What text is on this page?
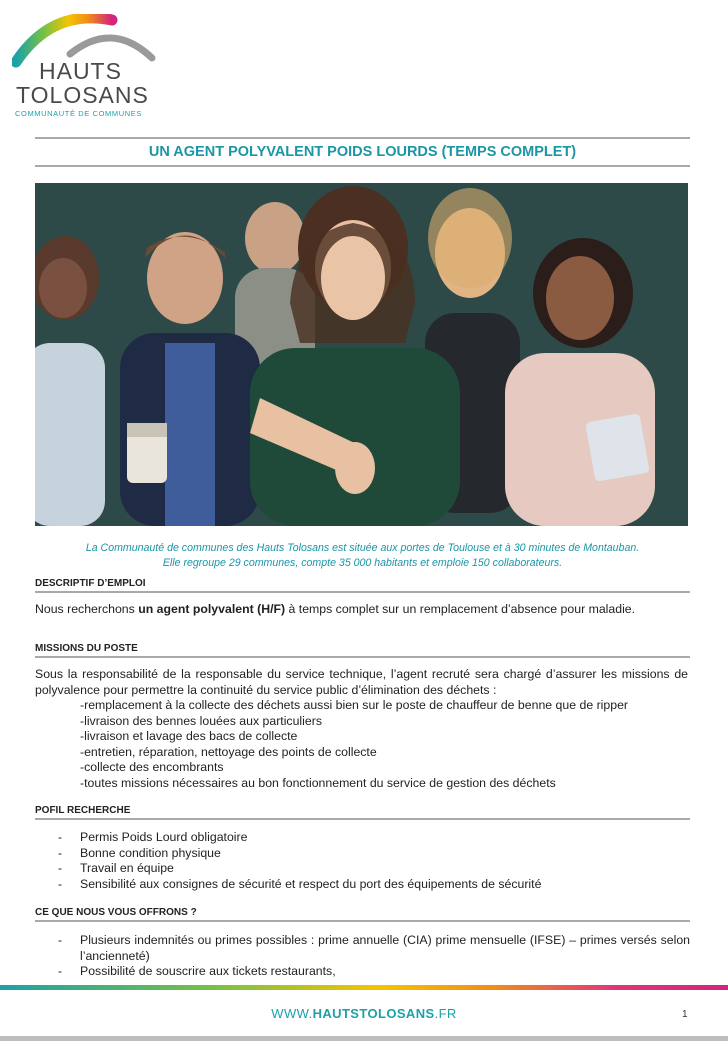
HAUTS
TOLOSANS
COMMUNAUTÉ DE COMMUNES
UN AGENT POLYVALENT POIDS LOURDS (TEMPS COMPLET)
La Communauté de communes des Hauts Tolosans est située aux portes de Toulouse et à 30 minutes de Montauban.
Elle regroupe 29 communes, compte 35 000 habitants et emploie 150 collaborateurs.
DESCRIPTIF D’EMPLOI
Nous recherchons un agent polyvalent (H/F) à temps complet sur un remplacement d’absence pour maladie.
MISSIONS DU POSTE
Sous la responsabilité de la responsable du service technique, l’agent recruté sera chargé d’assurer les missions de polyvalence pour permettre la continuité du service public d’élimination des déchets :
-remplacement à la collecte des déchets aussi bien sur le poste de chauffeur de benne que de ripper
-livraison des bennes louées aux particuliers
-livraison et lavage des bacs de collecte
-entretien, réparation, nettoyage des points de collecte
-collecte des encombrants
-toutes missions nécessaires au bon fonctionnement du service de gestion des déchets
POFIL RECHERCHE
-	Permis Poids Lourd obligatoire
-	Bonne condition physique
-	Travail en équipe
-	Sensibilité aux consignes de sécurité et respect du port des équipements de sécurité
CE QUE NOUS VOUS OFFRONS ?
-	Plusieurs indemnités ou primes possibles : prime annuelle (CIA) prime mensuelle (IFSE) – primes versés selon l’ancienneté)
-	Possibilité de souscrire aux tickets restaurants,
WWW.HAUTSTOLOSANS.FR	1
